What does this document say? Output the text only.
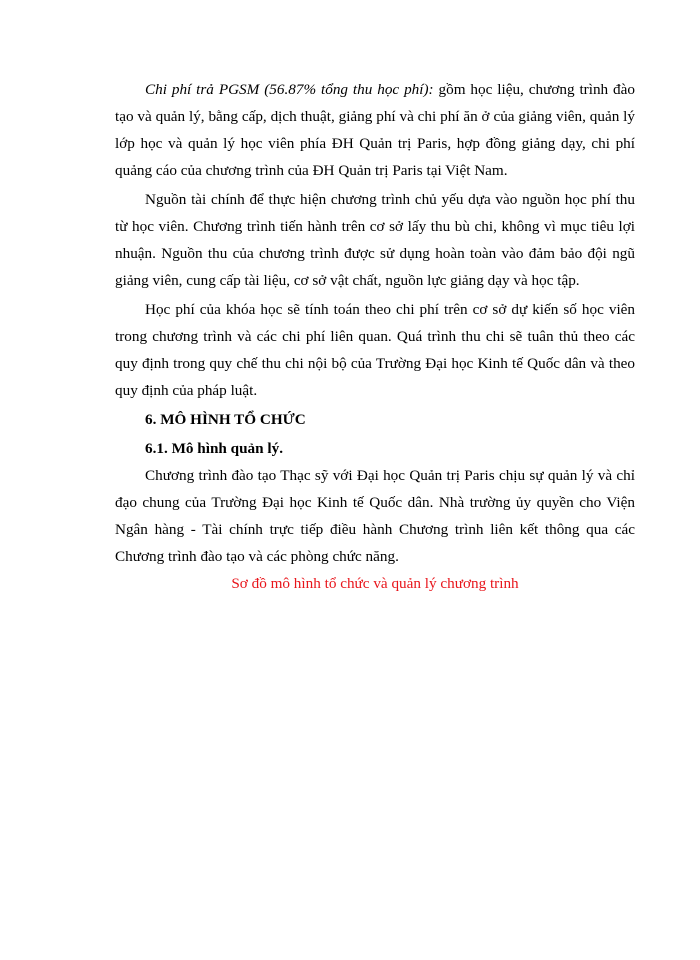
Chi phí trả PGSM (56.87% tổng thu học phí): gồm học liệu, chương trình đào tạo và quản lý, bằng cấp, dịch thuật, giảng phí và chi phí ăn ở của giảng viên, quản lý lớp học và quản lý học viên phía ĐH Quản trị Paris, hợp đồng giảng dạy, chi phí quảng cáo của chương trình của ĐH Quản trị Paris tại Việt Nam.

Nguồn tài chính để thực hiện chương trình chủ yếu dựa vào nguồn học phí thu từ học viên. Chương trình tiến hành trên cơ sở lấy thu bù chi, không vì mục tiêu lợi nhuận. Nguồn thu của chương trình được sử dụng hoàn toàn vào đảm bảo đội ngũ giảng viên, cung cấp tài liệu, cơ sở vật chất, nguồn lực giảng dạy và học tập.

Học phí của khóa học sẽ tính toán theo chi phí trên cơ sở dự kiến số học viên trong chương trình và các chi phí liên quan. Quá trình thu chi sẽ tuân thủ theo các quy định trong quy chế thu chi nội bộ của Trường Đại học Kinh tế Quốc dân và theo quy định của pháp luật.

6. MÔ HÌNH TỔ CHỨC

6.1. Mô hình quản lý.

Chương trình đào tạo Thạc sỹ với Đại học Quản trị Paris chịu sự quản lý và chỉ đạo chung của Trường Đại học Kinh tế Quốc dân. Nhà trường ủy quyền cho Viện Ngân hàng - Tài chính trực tiếp điều hành Chương trình liên kết thông qua các Chương trình đào tạo và các phòng chức năng.

Sơ đồ mô hình tổ chức và quản lý chương trình
